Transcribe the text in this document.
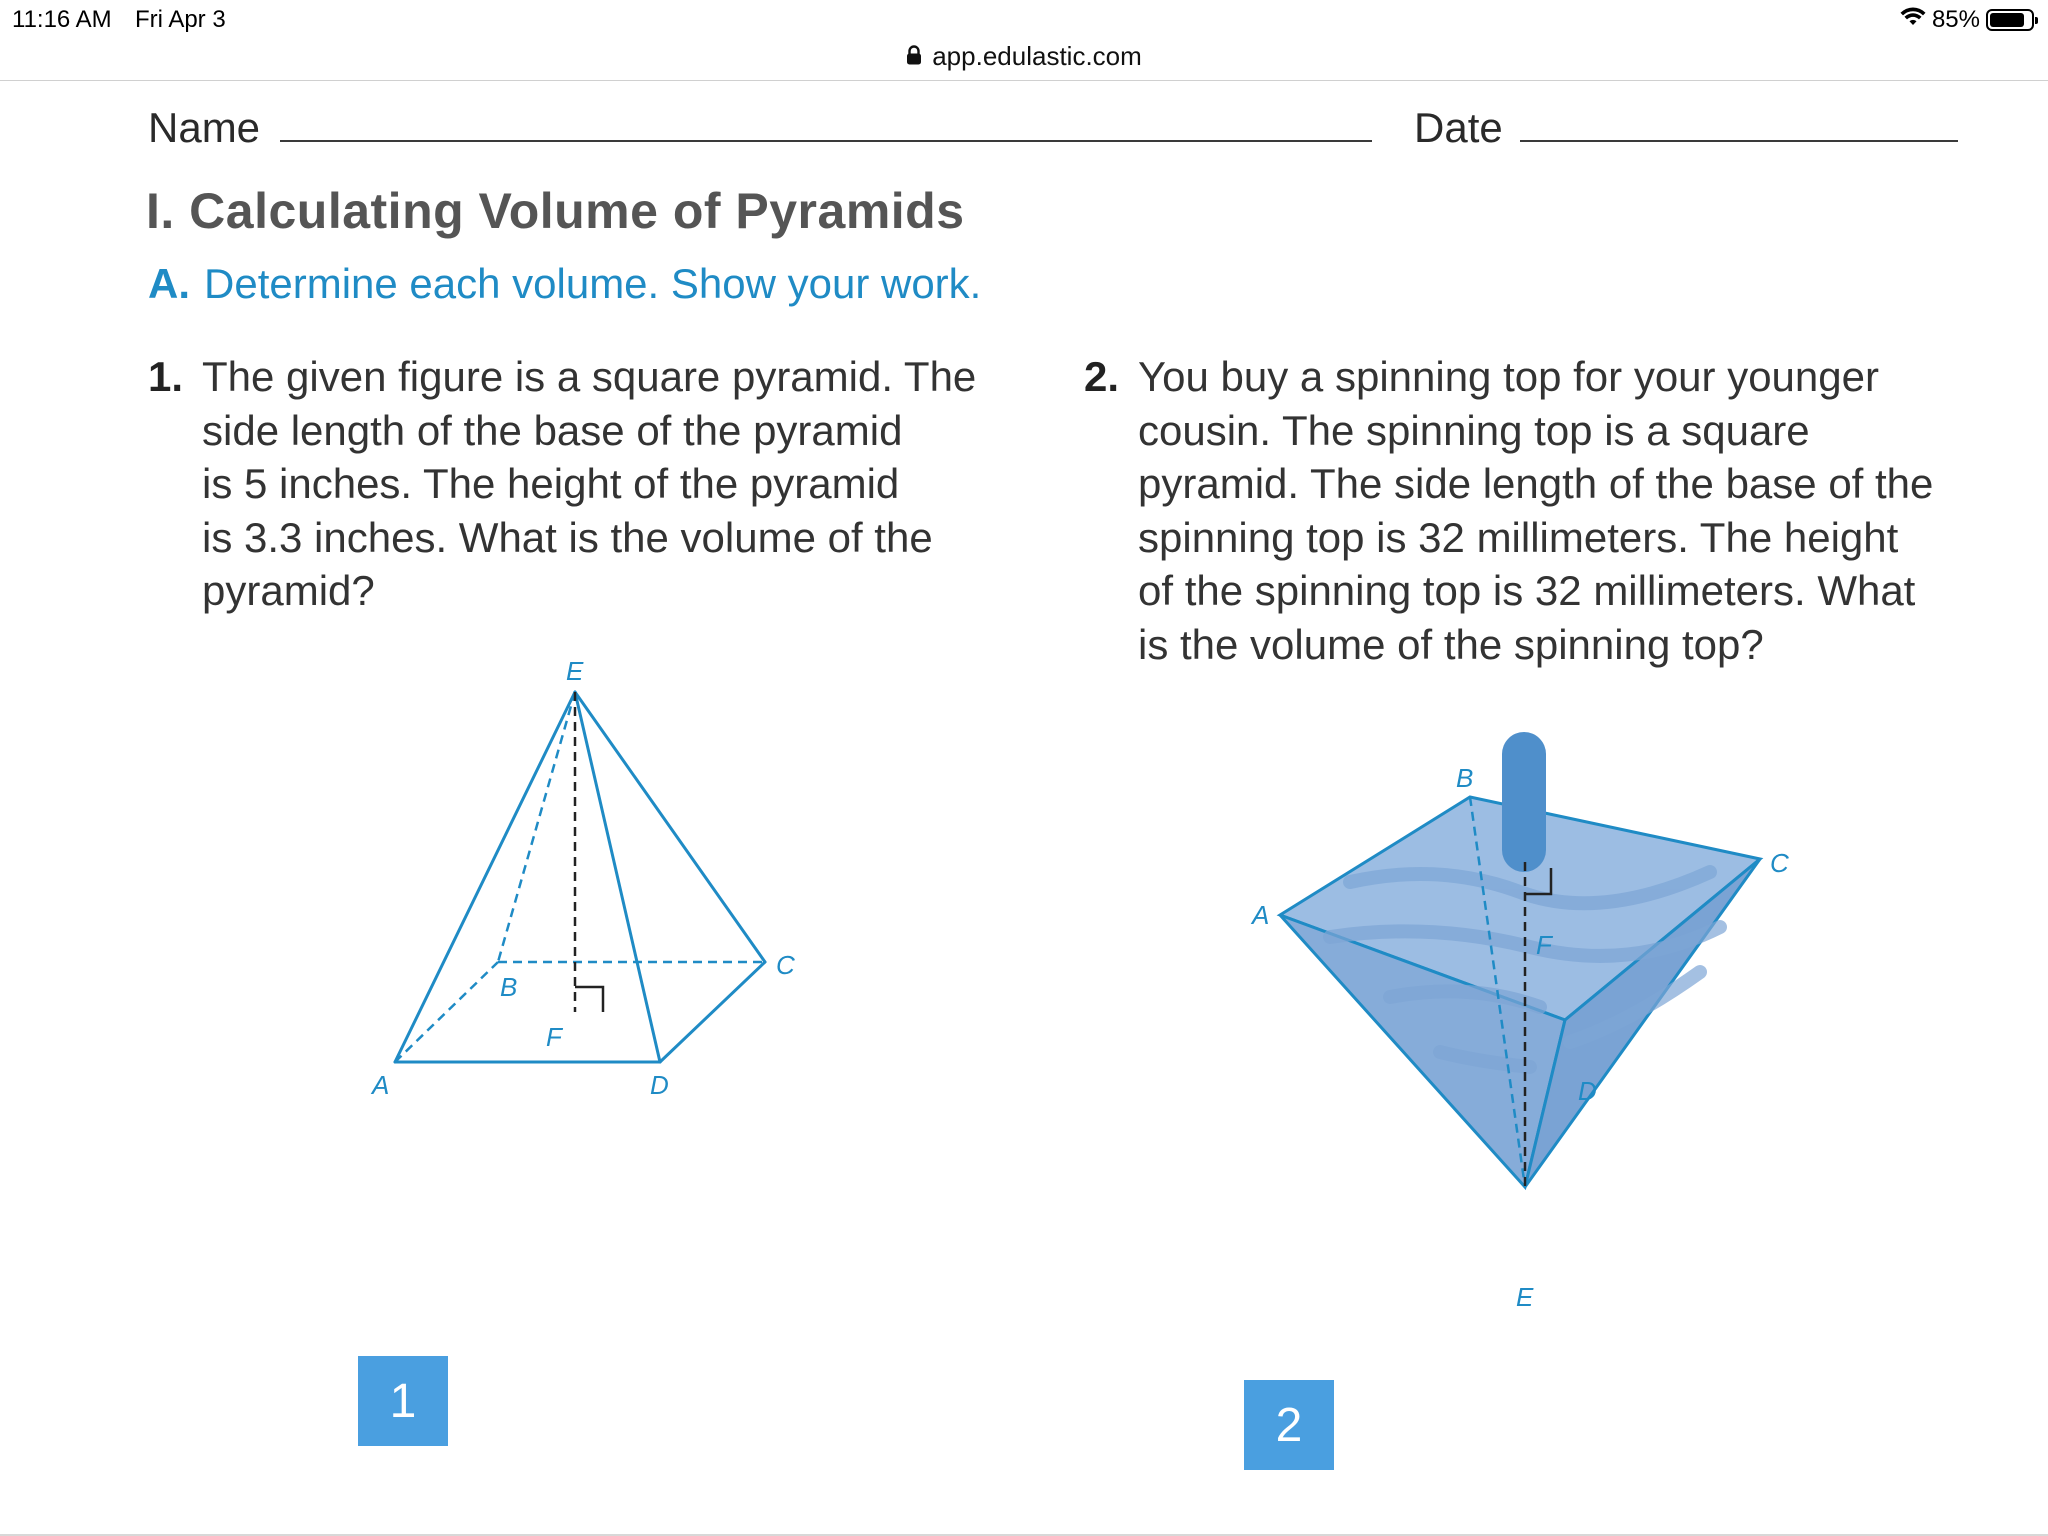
11:16 AM Fri Apr 3	85%
app.edulastic.com
Name	Date
I. Calculating Volume of Pyramids
A. Determine each volume. Show your work.
1. The given figure is a square pyramid. The
side length of the base of the pyramid
is 5 inches. The height of the pyramid
is 3.3 inches. What is the volume of the
pyramid?
2. You buy a spinning top for your younger
cousin. The spinning top is a square
pyramid. The side length of the base of the
spinning top is 32 millimeters. The height
of the spinning top is 32 millimeters. What
is the volume of the spinning top?
E
B
C
F
A	D
B
C
F
A
D
E
1	2
